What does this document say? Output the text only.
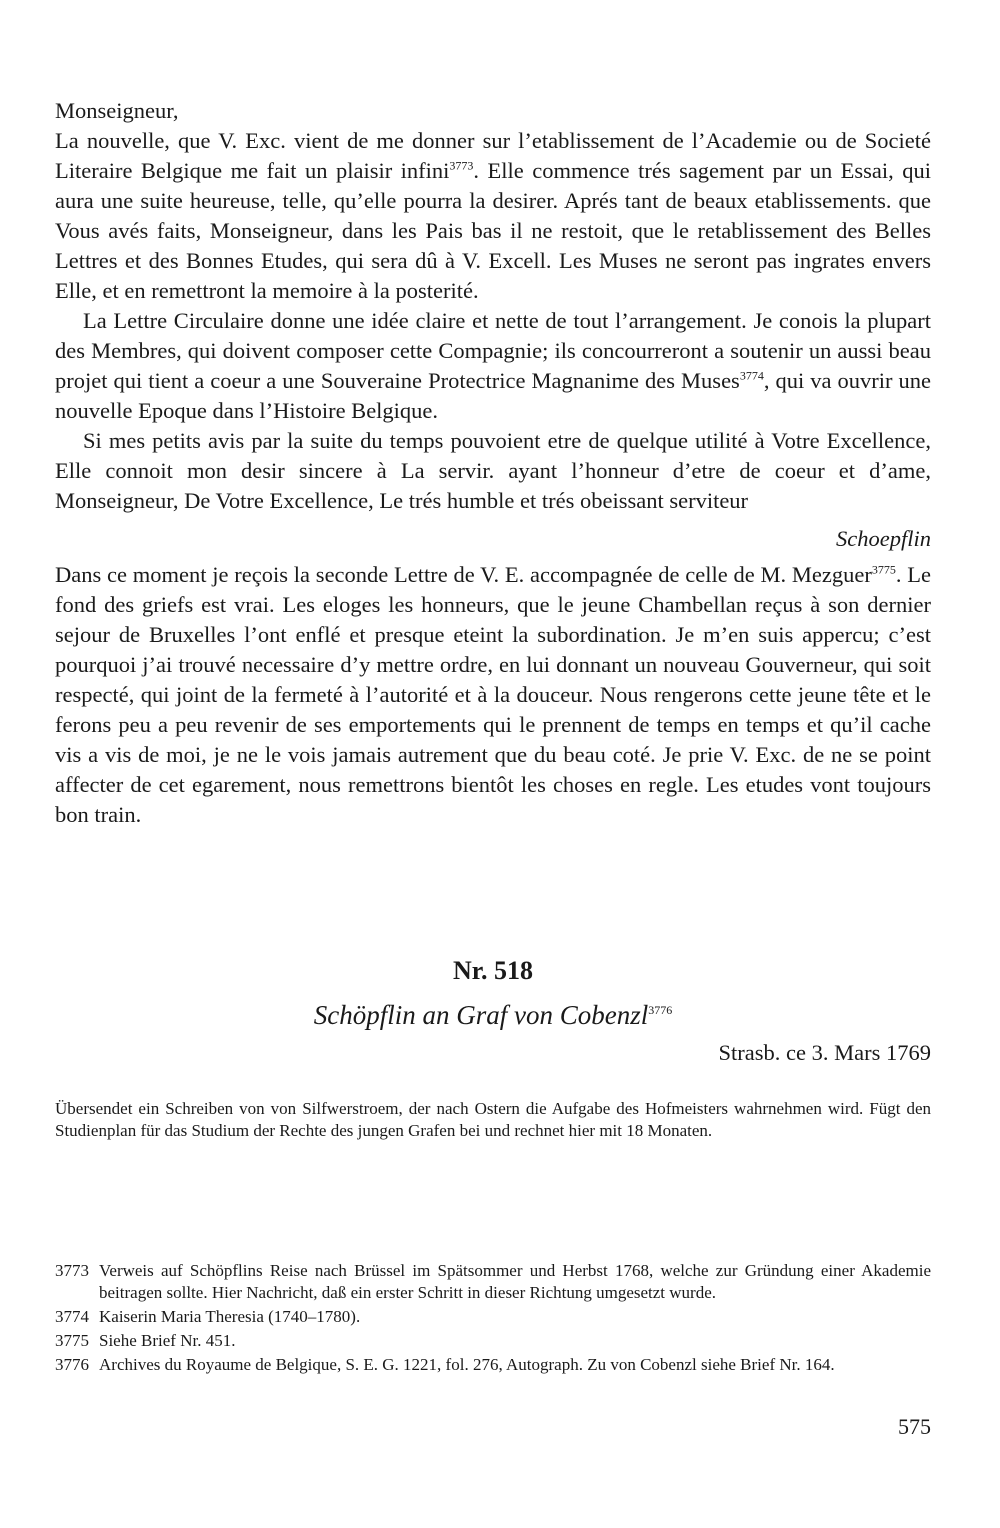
Monseigneur,

La nouvelle, que V. Exc. vient de me donner sur l’etablissement de l’Academie ou de Societé Literaire Belgique me fait un plaisir infini$^{3773}$. Elle commence trés sagement par un Essai, qui aura une suite heureuse, telle, qu’elle pourra la desirer. Aprés tant de beaux etablissements. que Vous avés faits, Monseigneur, dans les Pais bas il ne restoit, que le retablissement des Belles Lettres et des Bonnes Etudes, qui sera dû à V. Excell. Les Muses ne seront pas ingrates envers Elle, et en remettront la memoire à la posterité.

La Lettre Circulaire donne une idée claire et nette de tout l’arrangement. Je conois la plupart des Membres, qui doivent composer cette Compagnie; ils concourreront a soutenir un aussi beau projet qui tient a coeur a une Souveraine Protectrice Magnanime des Muses$^{3774}$, qui va ouvrir une nouvelle Epoque dans l’Histoire Belgique.

Si mes petits avis par la suite du temps pouvoient etre de quelque utilité à Votre Excellence, Elle connoit mon desir sincere à La servir. ayant l’honneur d’etre de coeur et d’ame, Monseigneur, De Votre Excellence, Le trés humble et trés obeissant serviteur

Schoepflin
Dans ce moment je reçois la seconde Lettre de V. E. accompagnée de celle de M. Mezguer$^{3775}$. Le fond des griefs est vrai. Les eloges les honneurs, que le jeune Chambellan reçus à son dernier sejour de Bruxelles l’ont enflé et presque eteint la subordination. Je m’en suis appercu; c’est pourquoi j’ai trouvé necessaire d’y mettre ordre, en lui donnant un nouveau Gouverneur, qui soit respecté, qui joint de la fermeté à l’autorité et à la douceur. Nous rengerons cette jeune tête et le ferons peu a peu revenir de ses emportements qui le prennent de temps en temps et qu’il cache vis a vis de moi, je ne le vois jamais autrement que du beau coté. Je prie V. Exc. de ne se point affecter de cet egarement, nous remettrons bientôt les choses en regle. Les etudes vont toujours bon train.
Nr. 518
Schöpflin an Graf von Cobenzl$^{3776}$
Strasb. ce 3. Mars 1769
Übersendet ein Schreiben von von Silfwerstroem, der nach Ostern die Aufgabe des Hofmeisters wahrnehmen wird. Fügt den Studienplan für das Studium der Rechte des jungen Grafen bei und rechnet hier mit 18 Monaten.
3773 Verweis auf Schöpflins Reise nach Brüssel im Spätsommer und Herbst 1768, welche zur Gründung einer Akademie beitragen sollte. Hier Nachricht, daß ein erster Schritt in dieser Richtung umgesetzt wurde.
3774 Kaiserin Maria Theresia (1740–1780).
3775 Siehe Brief Nr. 451.
3776 Archives du Royaume de Belgique, S. E. G. 1221, fol. 276, Autograph. Zu von Cobenzl siehe Brief Nr. 164.
575
